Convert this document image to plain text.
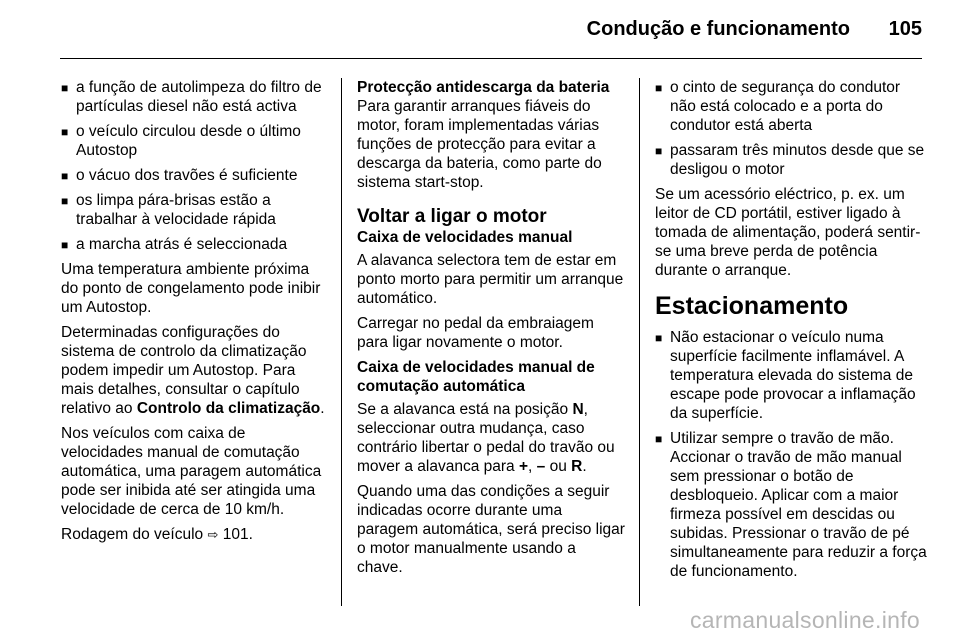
Condução e funcionamento 105
■ a função de autolimpeza do filtro de partículas diesel não está activa
■ o veículo circulou desde o último Autostop
■ o vácuo dos travões é suficiente
■ os limpa pára-brisas estão a trabalhar à velocidade rápida
■ a marcha atrás é seleccionada

Uma temperatura ambiente próxima do ponto de congelamento pode inibir um Autostop.

Determinadas configurações do sistema de controlo da climatização podem impedir um Autostop. Para mais detalhes, consultar o capítulo relativo ao Controlo da climatização.

Nos veículos com caixa de velocidades manual de comutação automática, uma paragem automática pode ser inibida até ser atingida uma velocidade de cerca de 10 km/h.

Rodagem do veículo ⇨ 101.

Protecção antidescarga da bateria

Para garantir arranques fiáveis do motor, foram implementadas várias funções de protecção para evitar a descarga da bateria, como parte do sistema start-stop.

Voltar a ligar o motor
Caixa de velocidades manual

A alavanca selectora tem de estar em ponto morto para permitir um arranque automático.

Carregar no pedal da embraiagem para ligar novamente o motor.

Caixa de velocidades manual de comutação automática

Se a alavanca está na posição N, seleccionar outra mudança, caso contrário libertar o pedal do travão ou mover a alavanca para +, – ou R.

Quando uma das condições a seguir indicadas ocorre durante uma paragem automática, será preciso ligar o motor manualmente usando a chave.

■ o cinto de segurança do condutor não está colocado e a porta do condutor está aberta
■ passaram três minutos desde que se desligou o motor

Se um acessório eléctrico, p. ex. um leitor de CD portátil, estiver ligado à tomada de alimentação, poderá sentir-se uma breve perda de potência durante o arranque.

Estacionamento
■ Não estacionar o veículo numa superfície facilmente inflamável. A temperatura elevada do sistema de escape pode provocar a inflamação da superfície.
■ Utilizar sempre o travão de mão. Accionar o travão de mão manual sem pressionar o botão de desbloqueio. Aplicar com a maior firmeza possível em descidas ou subidas. Pressionar o travão de pé simultaneamente para reduzir a força de funcionamento.
carmanualsonline.info
